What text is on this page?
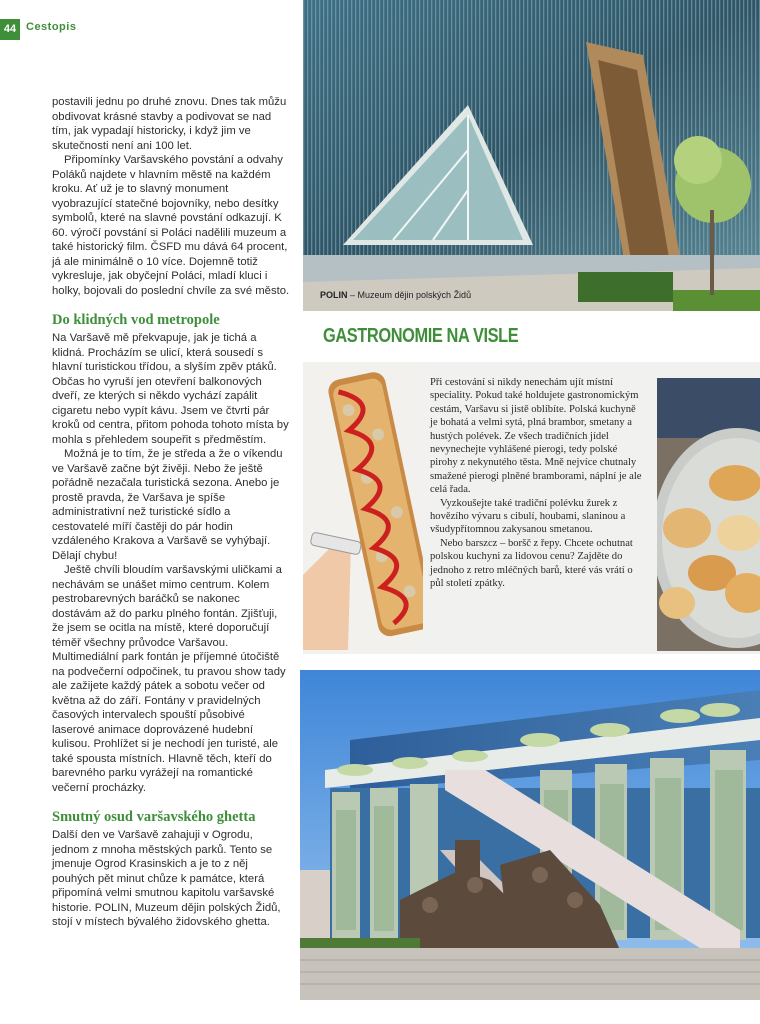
44 Cestopis

postavili jednu po druhé znovu. Dnes tak můžu obdivovat krásné stavby a podivovat se nad tím, jak vypadají historicky, i když jim ve skutečnosti není ani 100 let.

Připomínky Varšavského povstání a odvahy Poláků najdete v hlavním městě na každém kroku. Ať už je to slavný monument vyobrazující statečné bojovníky, nebo desítky symbolů, které na slavné povstání odkazují. K 60. výročí povstání si Poláci nadělili muzeum a také historický film. ČSFD mu dává 64 procent, já ale minimálně o 10 více. Dojemně totiž vykresluje, jak obyčejní Poláci, mladí kluci i holky, bojovali do poslední chvíle za své město.

Do klidných vod metropole

Na Varšavě mě překvapuje, jak je tichá a klidná. Procházím se ulicí, která sousedí s hlavní turistickou třídou, a slyším zpěv ptáků. Občas ho vyruší jen otevření balkonových dveří, ze kterých si někdo vychází zapálit cigaretu nebo vypít kávu. Jsem ve čtvrti pár kroků od centra, přitom pohoda tohoto místa by mohla s přehledem soupeřit s předměstím.

Možná je to tím, že je středa a že o víkendu ve Varšavě začne být živěji. Nebo že ještě pořádně nezačala turistická sezona. Anebo je prostě pravda, že Varšava je spíše administrativní než turistické sídlo a cestovatelé míří častěji do pár hodin vzdáleného Krakova a Varšavě se vyhýbají. Dělají chybu!

Ještě chvíli bloudím varšavskými uličkami a nechávám se unášet mimo centrum. Kolem pestrobarevných baráčků se nakonec dostávám až do parku plného fontán. Zjišťuji, že jsem se ocitla na místě, které doporučují téměř všechny průvodce Varšavou. Multimediální park fontán je příjemné útočiště na podvečerní odpočinek, tu pravou show tady ale zažijete každý pátek a sobotu večer od května až do září. Fontány v pravidelných časových intervalech spouští působivé laserové animace doprovázené hudební kulisou. Prohlížet si je nechodí jen turisté, ale také spousta místních. Hlavně těch, kteří do barevného parku vyrážejí na romantické večerní procházky.

Smutný osud varšavského ghetta

Další den ve Varšavě zahajuji v Ogrodu, jednom z mnoha městských parků. Tento se jmenuje Ogrod Krasinskich a je to z něj pouhých pět minut chůze k památce, která připomíná velmi smutnou kapitolu varšavské historie. POLIN, Muzeum dějin polských Židů, stojí v místech bývalého židovského ghetta.

POLIN – Muzeum dějin polských Židů
GASTRONOMIE NA VISLE

Při cestování si nikdy nenechám ujít místní speciality. Pokud také holdujete gastronomickým cestám, Varšavu si jistě oblíbíte. Polská kuchyně je bohatá a velmi sytá, plná brambor, smetany a hustých polévek. Ze všech tradičních jídel nevynechejte vyhlášené pierogi, tedy polské pirohy z nekynutého těsta. Mně nejvíce chutnaly smažené pierogi plněné bramborami, náplní je ale celá řada.

Vyzkoušejte také tradiční polévku žurek z hovězího vývaru s cibulí, houbami, slaninou a všudypřítomnou zakysanou smetanou.

Nebo barszcz – boršč z řepy. Chcete ochutnat polskou kuchyni za lidovou cenu? Zajděte do jednoho z retro mléčných barů, které vás vrátí o půl století zpátky.
